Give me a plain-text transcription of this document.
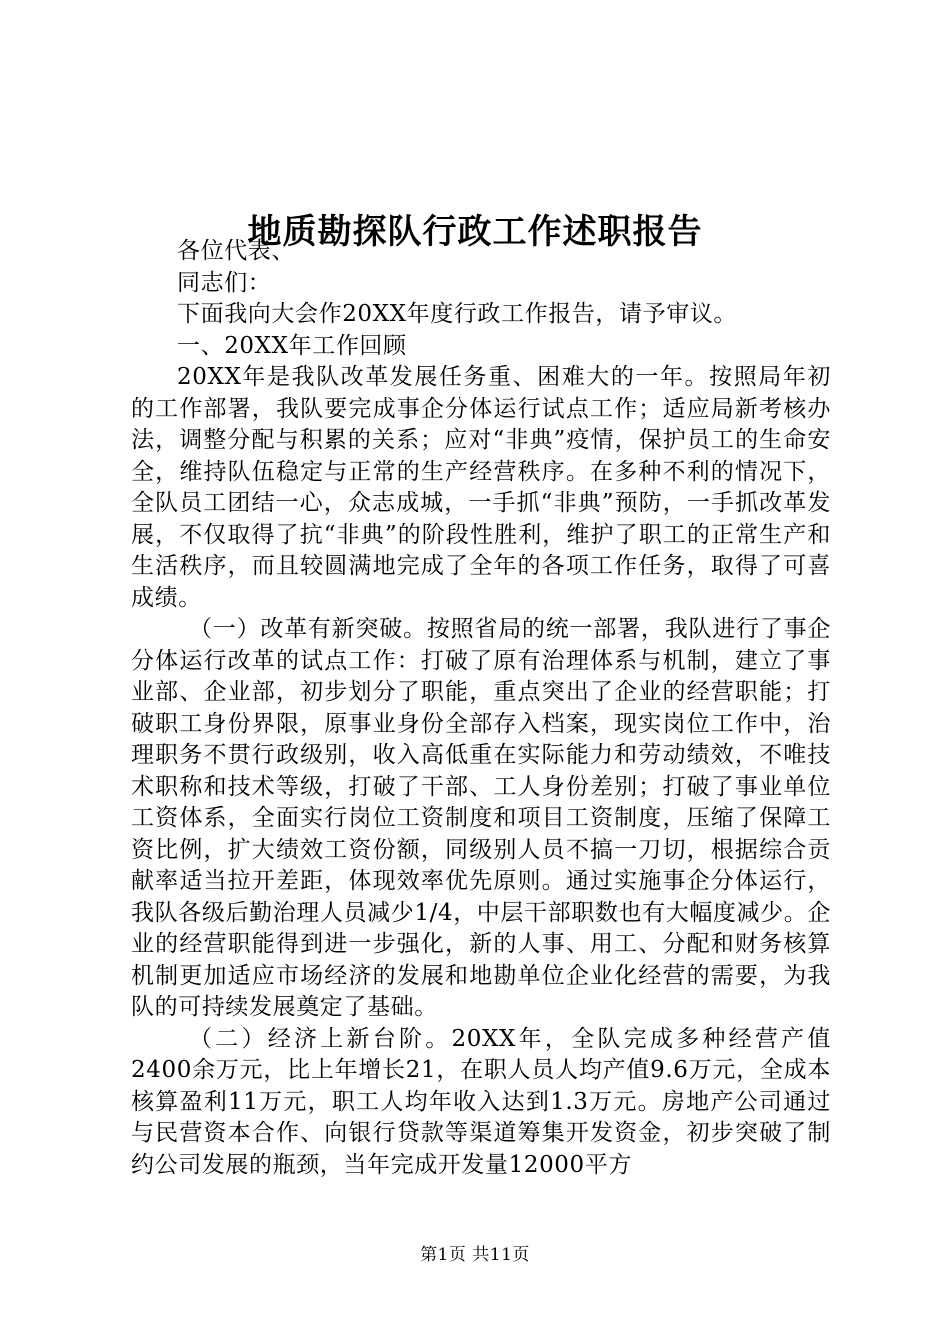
地质勘探队行政工作述职报告

各位代表、

同志们：

下面我向大会作20XX年度行政工作报告，请予审议。

一、20XX年工作回顾

20XX年是我队改革发展任务重、困难大的一年。按照局年初的工作部署，我队要完成事企分体运行试点工作；适应局新考核办法，调整分配与积累的关系；应对“非典”疫情，保护员工的生命安全，维持队伍稳定与正常的生产经营秩序。在多种不利的情况下，全队员工团结一心，众志成城，一手抓“非典”预防，一手抓改革发展，不仅取得了抗“非典”的阶段性胜利，维护了职工的正常生产和生活秩序，而且较圆满地完成了全年的各项工作任务，取得了可喜成绩。

（一）改革有新突破。按照省局的统一部署，我队进行了事企分体运行改革的试点工作：打破了原有治理体系与机制，建立了事业部、企业部，初步划分了职能，重点突出了企业的经营职能；打破职工身份界限，原事业身份全部存入档案，现实岗位工作中，治理职务不贯行政级别，收入高低重在实际能力和劳动绩效，不唯技术职称和技术等级，打破了干部、工人身份差别；打破了事业单位工资体系，全面实行岗位工资制度和项目工资制度，压缩了保障工资比例，扩大绩效工资份额，同级别人员不搞一刀切，根据综合贡献率适当拉开差距，体现效率优先原则。通过实施事企分体运行，我队各级后勤治理人员减少1/4，中层干部职数也有大幅度减少。企业的经营职能得到进一步强化，新的人事、用工、分配和财务核算机制更加适应市场经济的发展和地勘单位企业化经营的需要，为我队的可持续发展奠定了基础。

（二）经济上新台阶。20XX年，全队完成多种经营产值2400余万元，比上年增长21，在职人员人均产值9.6万元，全成本核算盈利11万元，职工人均年收入达到1.3万元。房地产公司通过与民营资本合作、向银行贷款等渠道筹集开发资金，初步突破了制约公司发展的瓶颈，当年完成开发量12000平方

第1页 共11页
